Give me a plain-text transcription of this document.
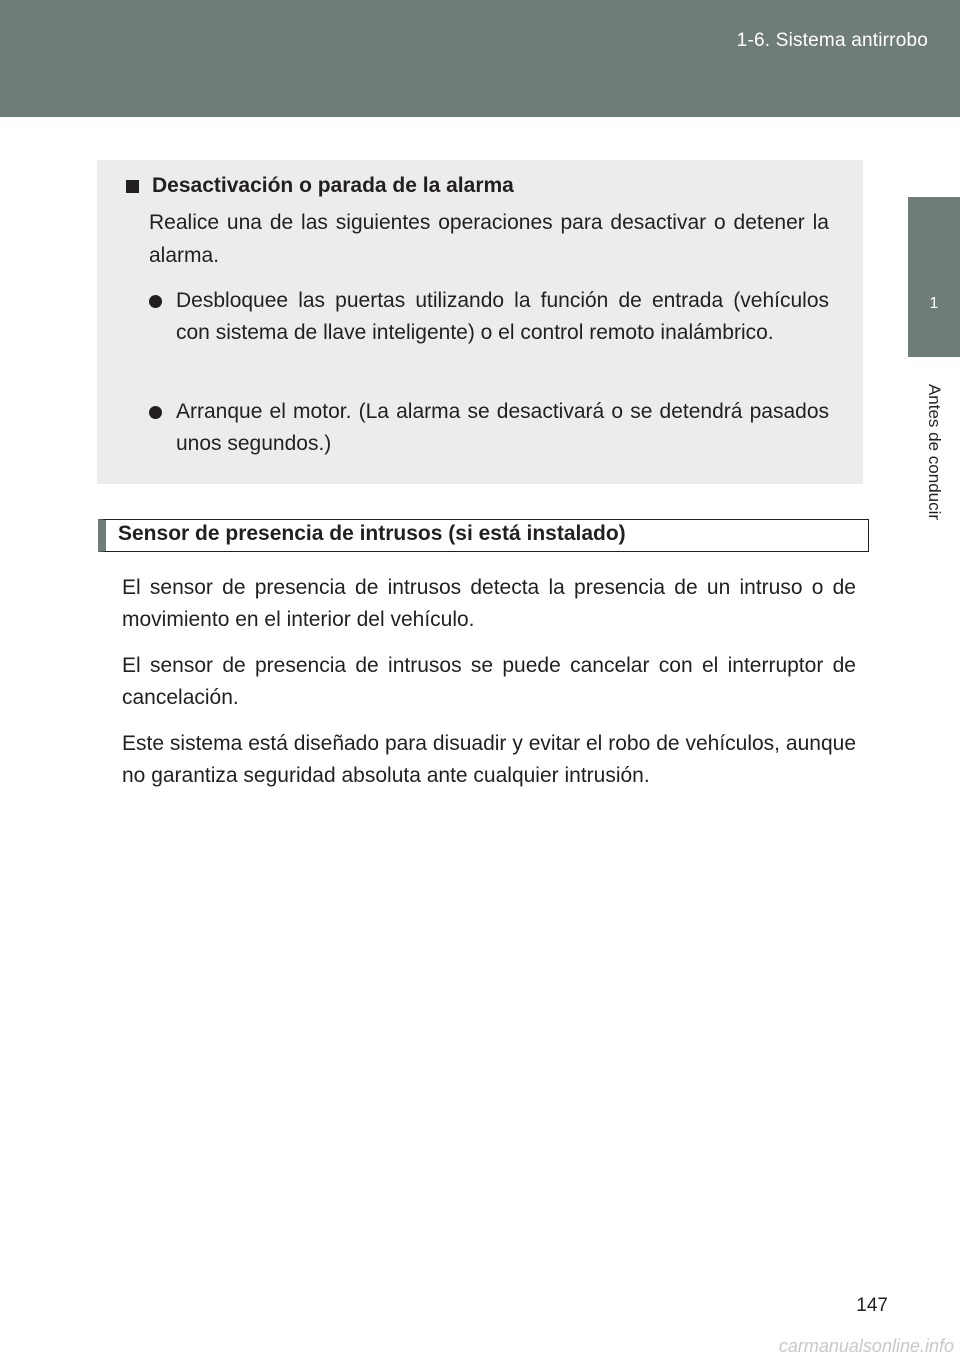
1-6. Sistema antirrobo
1
Antes de conducir
Desactivación o parada de la alarma
Realice una de las siguientes operaciones para desactivar o detener la alarma.
Desbloquee las puertas utilizando la función de entrada (vehículos con sistema de llave inteligente) o el control remoto inalámbrico.
Arranque el motor. (La alarma se desactivará o se detendrá pasados unos segundos.)
Sensor de presencia de intrusos (si está instalado)
El sensor de presencia de intrusos detecta la presencia de un intruso o de movimiento en el interior del vehículo.
El sensor de presencia de intrusos se puede cancelar con el interruptor de cancelación.
Este sistema está diseñado para disuadir y evitar el robo de vehículos, aunque no garantiza seguridad absoluta ante cualquier intrusión.
147
carmanualsonline.info
